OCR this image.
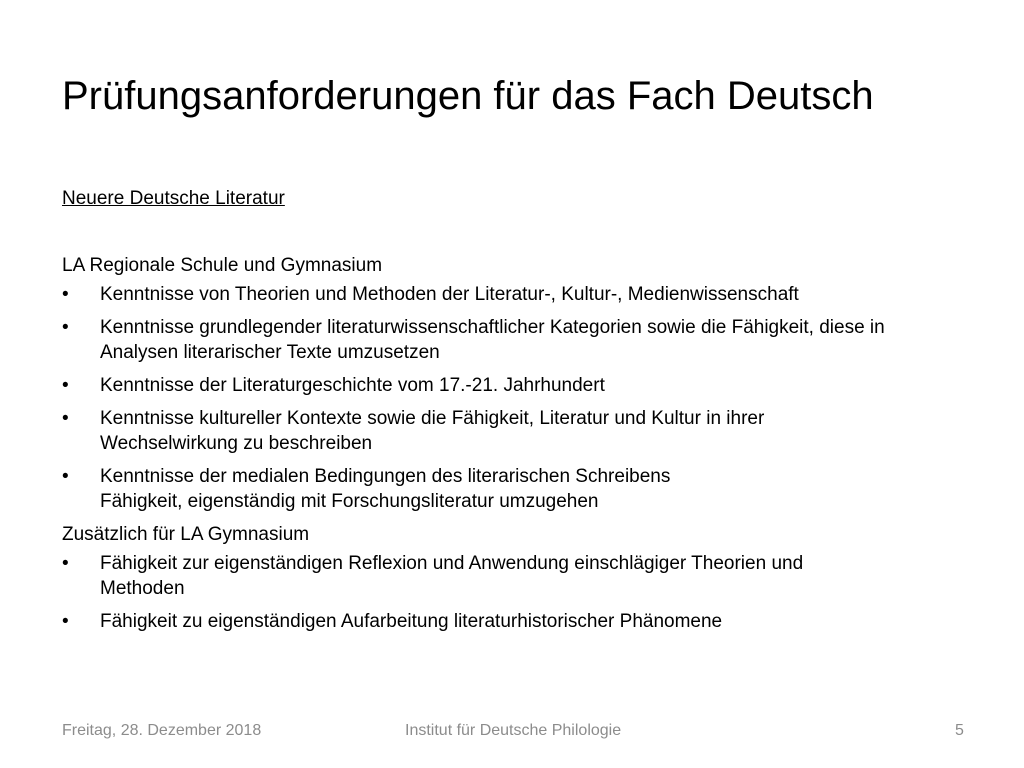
Prüfungsanforderungen für das Fach Deutsch

Neuere Deutsche Literatur

LA Regionale Schule und Gymnasium

•	Kenntnisse von Theorien und Methoden der Literatur-, Kultur-, Medienwissenschaft
•	Kenntnisse grundlegender literaturwissenschaftlicher Kategorien sowie die Fähigkeit, diese in
Analysen literarischer Texte umzusetzen
•	Kenntnisse der Literaturgeschichte vom 17.-21. Jahrhundert
•	Kenntnisse kultureller Kontexte sowie die Fähigkeit, Literatur und Kultur in ihrer
Wechselwirkung zu beschreiben
•	Kenntnisse der medialen Bedingungen des literarischen Schreibens
Fähigkeit, eigenständig mit Forschungsliteratur umzugehen

Zusätzlich für LA Gymnasium

•	Fähigkeit zur eigenständigen Reflexion und Anwendung einschlägiger Theorien und
Methoden
•	Fähigkeit zu eigenständigen Aufarbeitung literaturhistorischer Phänomene
Freitag, 28. Dezember 2018	Institut für Deutsche Philologie	5
